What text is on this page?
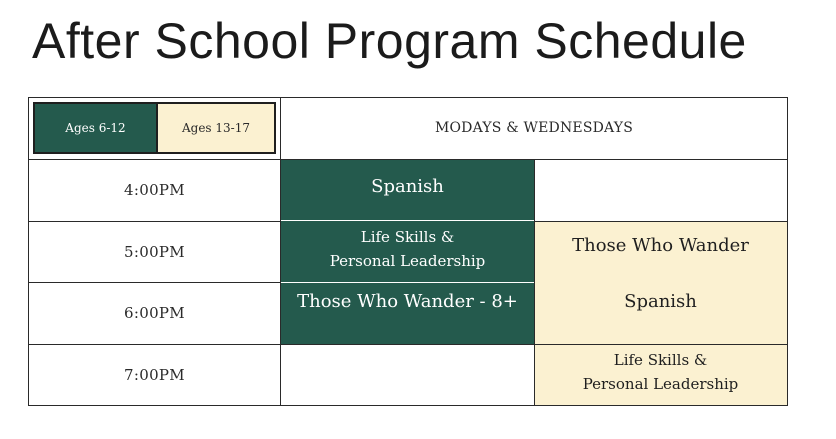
After School Program Schedule
Ages 6-12	Ages 13-17	MODAYS & WEDNESDAYS
4:00PM
5:00PM
6:00PM
7:00PM
Spanish
Life Skills &
Personal Leadership
Those Who Wander - 8+
Those Who Wander
Spanish
Life Skills &
Personal Leadership
